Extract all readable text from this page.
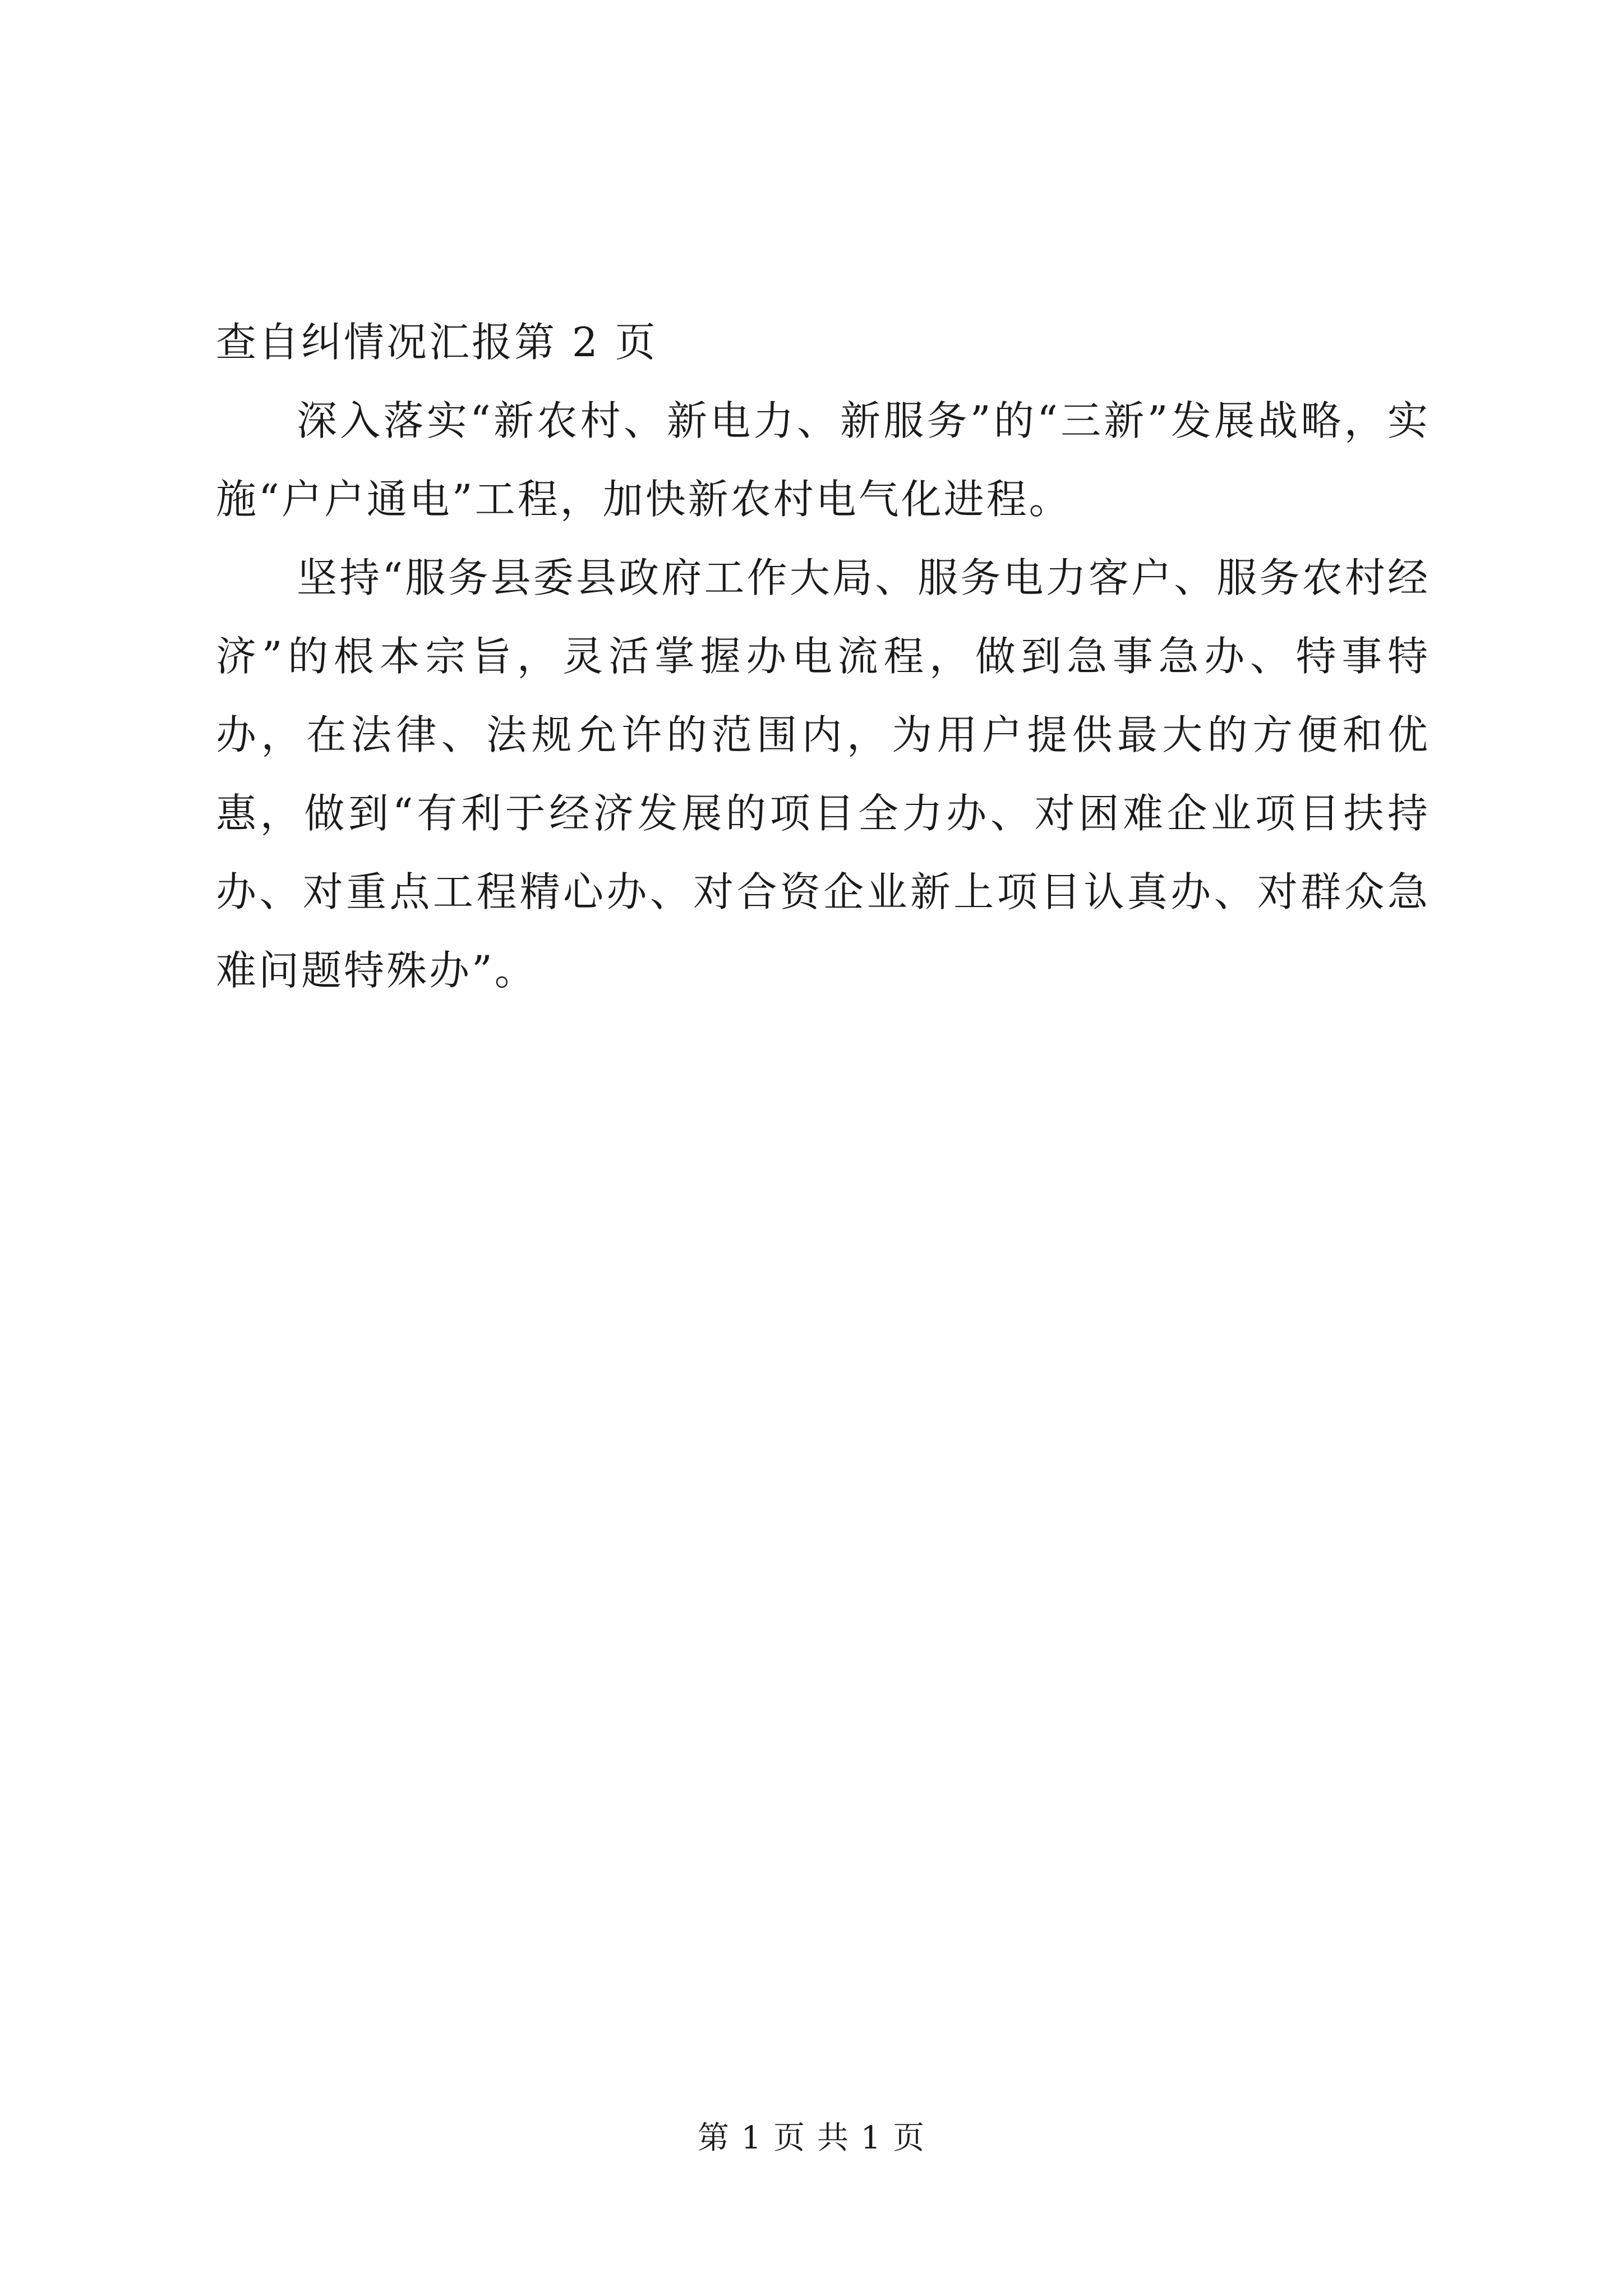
查自纠情况汇报第 2 页

深入落实“新农村、新电力、新服务”的“三新”发展战略，实施“户户通电”工程，加快新农村电气化进程。

坚持“服务县委县政府工作大局、服务电力客户、服务农村经济”的根本宗旨，灵活掌握办电流程，做到急事急办、特事特办，在法律、法规允许的范围内，为用户提供最大的方便和优惠，做到“有利于经济发展的项目全力办、对困难企业项目扶持办、对重点工程精心办、对合资企业新上项目认真办、对群众急难问题特殊办”。

第 1 页 共 1 页
